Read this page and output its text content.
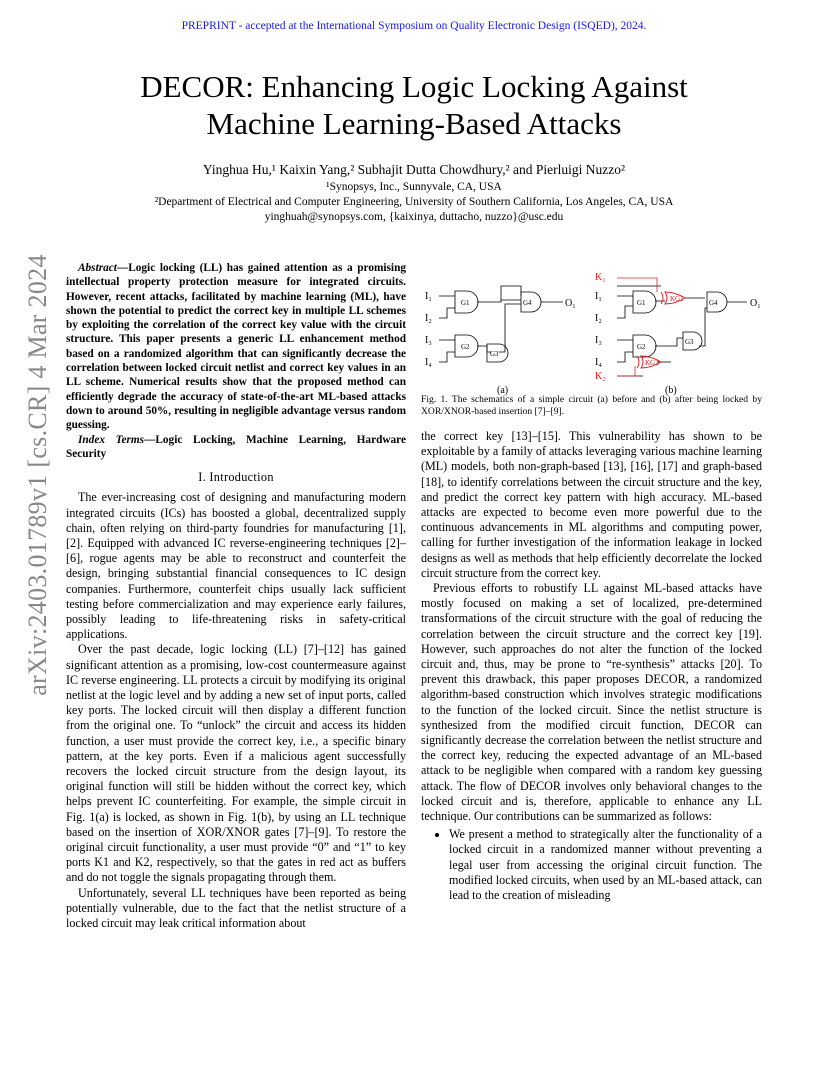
PREPRINT - accepted at the International Symposium on Quality Electronic Design (ISQED), 2024.
DECOR: Enhancing Logic Locking Against
Machine Learning-Based Attacks
Yinghua Hu,¹ Kaixin Yang,² Subhajit Dutta Chowdhury,² and Pierluigi Nuzzo²
¹Synopsys, Inc., Sunnyvale, CA, USA
²Department of Electrical and Computer Engineering, University of Southern California, Los Angeles, CA, USA
yinghuah@synopsys.com, {kaixinya, duttacho, nuzzo}@usc.edu
arXiv:2403.01789v1 [cs.CR] 4 Mar 2024	Abstract—Logic locking (LL) has gained attention as a promising intellectual property protection measure for integrated circuits. However, recent attacks, facilitated by machine learning (ML), have shown the potential to predict the correct key in multiple LL schemes by exploiting the correlation of the correct key value with the circuit structure. This paper presents a generic LL enhancement method based on a randomized algorithm that can significantly decrease the correlation between locked circuit netlist and correct key values in an LL scheme. Numerical results show that the proposed method can efficiently degrade the accuracy of state-of-the-art ML-based attacks down to around 50%, resulting in negligible advantage versus random guessing.

Index Terms—Logic Locking, Machine Learning, Hardware Security

I. Introduction

The ever-increasing cost of designing and manufacturing modern integrated circuits (ICs) has boosted a global, decentralized supply chain, often relying on third-party foundries for manufacturing [1], [2]. Equipped with advanced IC reverse-engineering techniques [2]–[6], rogue agents may be able to reconstruct and counterfeit the design, bringing substantial financial consequences to IC design companies. Furthermore, counterfeit chips usually lack sufficient testing before commercialization and may experience early failures, possibly leading to life-threatening risks in safety-critical applications.

Over the past decade, logic locking (LL) [7]–[12] has gained significant attention as a promising, low-cost countermeasure against IC reverse engineering. LL protects a circuit by modifying its original netlist at the logic level and by adding a new set of input ports, called key ports. The locked circuit will then display a different function from the original one. To “unlock” the circuit and access its hidden function, a user must provide the correct key, i.e., a specific binary pattern, at the key ports. Even if a malicious agent successfully recovers the locked circuit structure from the design layout, its original function will still be hidden without the correct key, which helps prevent IC counterfeiting. For example, the simple circuit in Fig. 1(a) is locked, as shown in Fig. 1(b), by using an LL technique based on the insertion of XOR/XNOR gates [7]–[9]. To restore the original circuit functionality, a user must provide “0” and “1” to key ports K1 and K2, respectively, so that the gates in red act as buffers and do not toggle the signals propagating through them.

Unfortunately, several LL techniques have been reported as being potentially vulnerable, due to the fact that the netlist structure of a locked circuit may leak critical information about

I₁
I₂
I₃
I₄
G1
G2
G3
G4	O₁
K₁
I₁
I₂
I₃
I₄
K₂
G1
G2
G3
G4
KG1
KG2
O₁
(a)	(b)
Fig. 1. The schematics of a simple circuit (a) before and (b) after being locked by XOR/XNOR-based insertion [7]–[9].

the correct key [13]–[15]. This vulnerability has shown to be exploitable by a family of attacks leveraging various machine learning (ML) models, both non-graph-based [13], [16], [17] and graph-based [18], to identify correlations between the circuit structure and the key, and predict the correct key pattern with high accuracy. ML-based attacks are expected to become even more powerful due to the continuous advancements in ML algorithms and computing power, calling for further investigation of the information leakage in locked designs as well as methods that help efficiently decorrelate the locked circuit structure from the correct key.

Previous efforts to robustify LL against ML-based attacks have mostly focused on making a set of localized, pre-determined transformations of the circuit structure with the goal of reducing the correlation between the circuit structure and the correct key [19]. However, such approaches do not alter the function of the locked circuit and, thus, may be prone to “re-synthesis” attacks [20]. To prevent this drawback, this paper proposes DECOR, a randomized algorithm-based construction which involves strategic modifications to the function of the locked circuit. Since the netlist structure is synthesized from the modified circuit function, DECOR can significantly decrease the correlation between the netlist structure and the correct key, reducing the expected advantage of an ML-based attack to be negligible when compared with a random key guessing attack. The flow of DECOR involves only behavioral changes to the locked circuit and is, therefore, applicable to enhance any LL technique. Our contributions can be summarized as follows:

• We present a method to strategically alter the functionality of a locked circuit in a randomized manner without preventing a legal user from accessing the original circuit function. The modified locked circuits, when used by an ML-based attack, can lead to the creation of misleading
